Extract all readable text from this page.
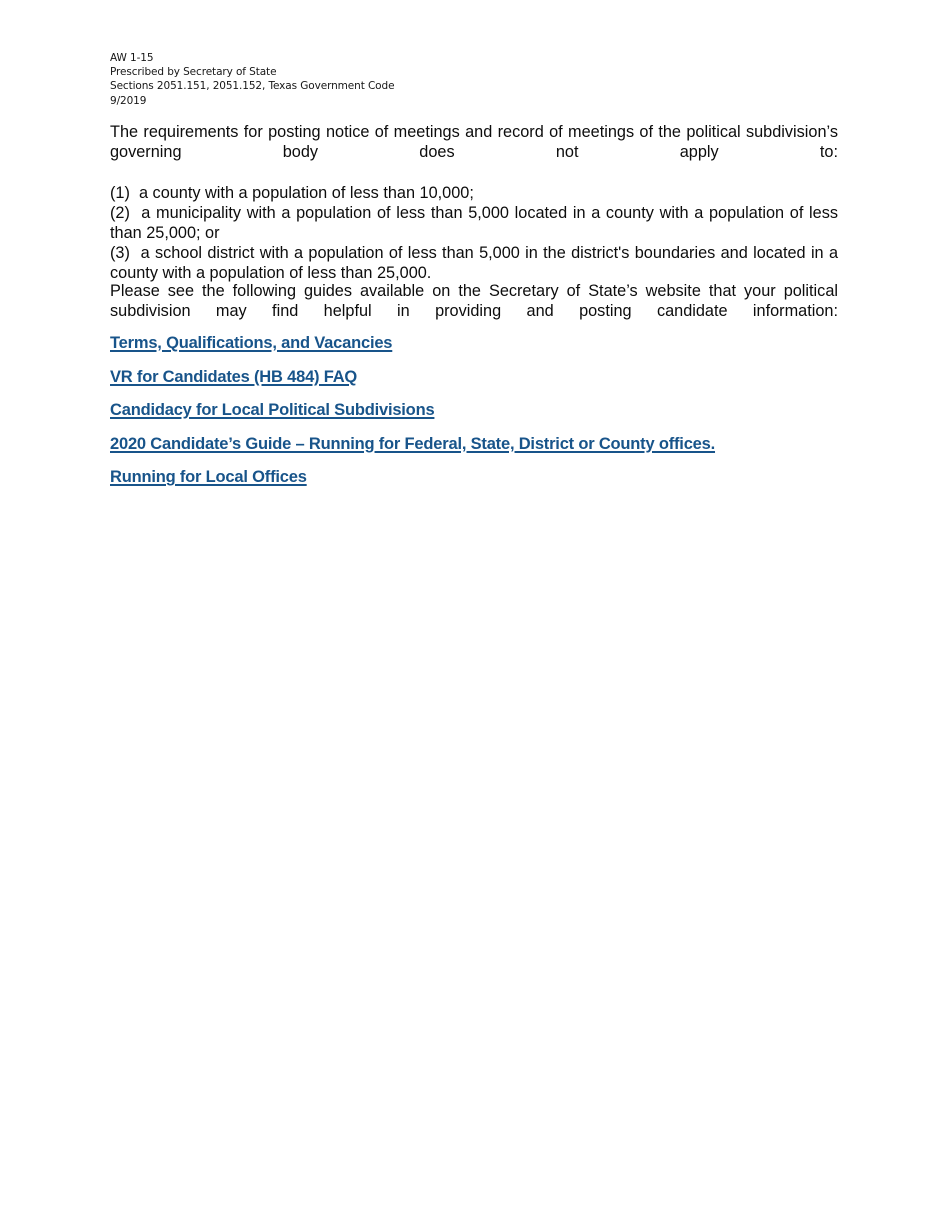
AW 1-15
Prescribed by Secretary of State
Sections 2051.151, 2051.152, Texas Government Code
9/2019

The requirements for posting notice of meetings and record of meetings of the political subdivision’s governing body does not apply to:

(1) a county with a population of less than 10,000;

(2) a municipality with a population of less than 5,000 located in a county with a population of less than 25,000; or

(3) a school district with a population of less than 5,000 in the district's boundaries and located in a county with a population of less than 25,000.

Please see the following guides available on the Secretary of State’s website that your political subdivision may find helpful in providing and posting candidate information:

Terms, Qualifications, and Vacancies
VR for Candidates (HB 484) FAQ
Candidacy for Local Political Subdivisions
2020 Candidate’s Guide – Running for Federal, State, District or County offices.
Running for Local Offices
